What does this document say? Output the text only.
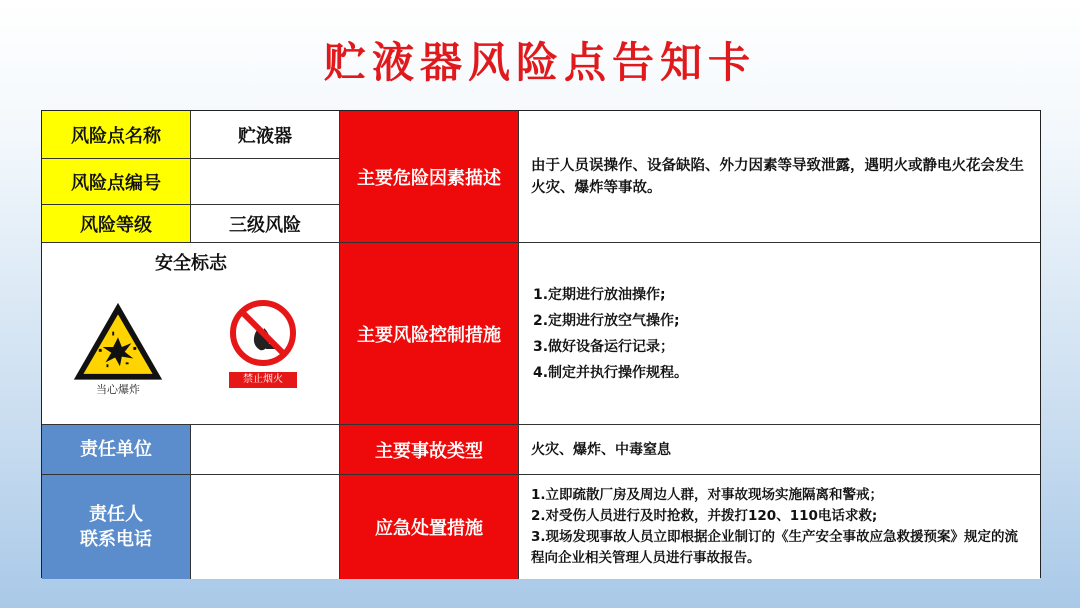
贮液器风险点告知卡
风险点名称	贮液器
风险点编号
风险等级	三级风险
安全标志
当心爆炸
禁止烟火
责任单位
责任人
联系电话
主要危险因素描述
主要风险控制措施
主要事故类型
应急处置措施
由于人员误操作、设备缺陷、外力因素等导致泄露，遇明火或静电火花会发生火灾、爆炸等事故。
1.定期进行放油操作;
2.定期进行放空气操作;
3.做好设备运行记录；
4.制定并执行操作规程。
火灾、爆炸、中毒窒息
1.立即疏散厂房及周边人群，对事故现场实施隔离和警戒；
2.对受伤人员进行及时抢救，并拨打120、110电话求救;
3.现场发现事故人员立即根据企业制订的《生产安全事故应急救援预案》规定的流程向企业相关管理人员进行事故报告。
